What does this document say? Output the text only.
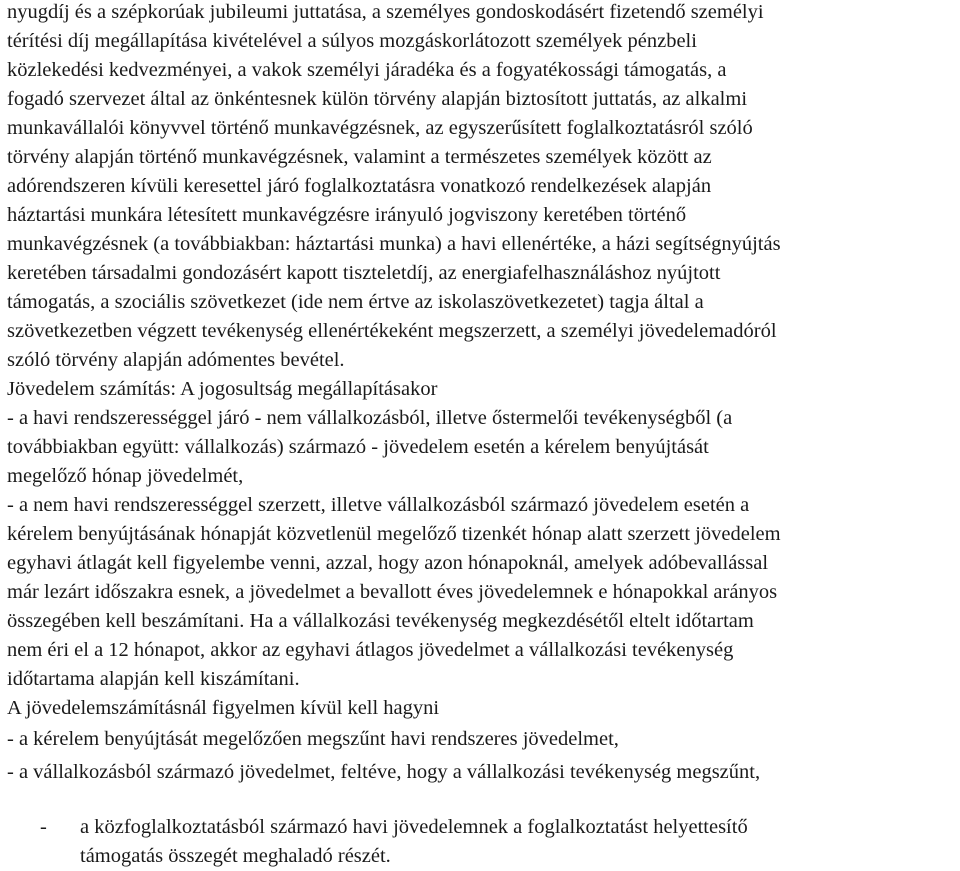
nyugdíj és a szépkorúak jubileumi juttatása, a személyes gondoskodásért fizetendő személyi
térítési díj megállapítása kivételével a súlyos mozgáskorlátozott személyek pénzbeli
közlekedési kedvezményei, a vakok személyi járadéka és a fogyatékossági támogatás, a
fogadó szervezet által az önkéntesnek külön törvény alapján biztosított juttatás, az alkalmi
munkavállalói könyvvel történő munkavégzésnek, az egyszerűsített foglalkoztatásról szóló
törvény alapján történő munkavégzésnek, valamint a természetes személyek között az
adórendszeren kívüli keresettel járó foglalkoztatásra vonatkozó rendelkezések alapján
háztartási munkára létesített munkavégzésre irányuló jogviszony keretében történő
munkavégzésnek (a továbbiakban: háztartási munka) a havi ellenértéke, a házi segítségnyújtás
keretében társadalmi gondozásért kapott tiszteletdíj, az energiafelhasználáshoz nyújtott
támogatás, a szociális szövetkezet (ide nem értve az iskolaszövetkezetet) tagja által a
szövetkezetben végzett tevékenység ellenértékeként megszerzett, a személyi jövedelemadóról
szóló törvény alapján adómentes bevétel.
Jövedelem számítás: A jogosultság megállapításakor
- a havi rendszerességgel járó - nem vállalkozásból, illetve őstermelői tevékenységből (a
továbbiakban együtt: vállalkozás) származó - jövedelem esetén a kérelem benyújtását
megelőző hónap jövedelmét,
- a nem havi rendszerességgel szerzett, illetve vállalkozásból származó jövedelem esetén a
kérelem benyújtásának hónapját közvetlenül megelőző tizenkét hónap alatt szerzett jövedelem
egyhavi átlagát kell figyelembe venni, azzal, hogy azon hónapoknál, amelyek adóbevallással
már lezárt időszakra esnek, a jövedelmet a bevallott éves jövedelemnek e hónapokkal arányos
összegében kell beszámítani. Ha a vállalkozási tevékenység megkezdésétől eltelt időtartam
nem éri el a 12 hónapot, akkor az egyhavi átlagos jövedelmet a vállalkozási tevékenység
időtartama alapján kell kiszámítani.
A jövedelemszámításnál figyelmen kívül kell hagyni
- a kérelem benyújtását megelőzően megszűnt havi rendszeres jövedelmet,
- a vállalkozásból származó jövedelmet, feltéve, hogy a vállalkozási tevékenység megszűnt,
- a közfoglalkoztatásból származó havi jövedelemnek a foglalkoztatást helyettesítő
támogatás összegét meghaladó részét.
